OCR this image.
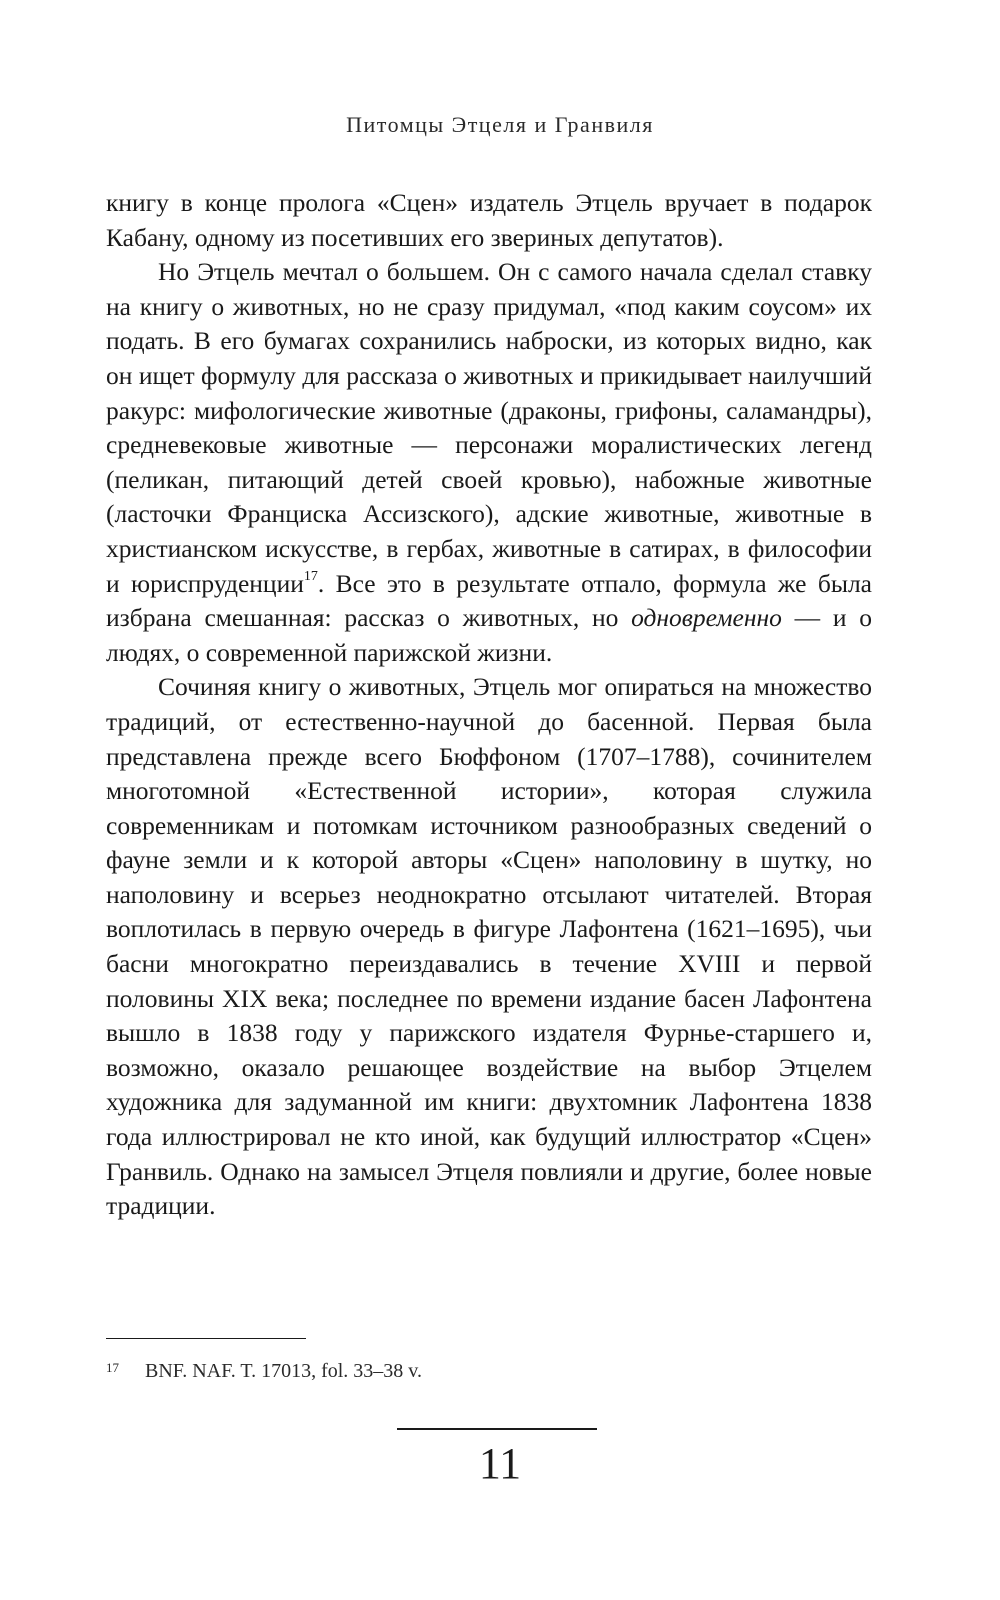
Питомцы Этцеля и Гранвиля

книгу в конце пролога «Сцен» издатель Этцель вручает в подарок Кабану, одному из посетивших его звериных депутатов).

Но Этцель мечтал о большем. Он с самого начала сделал ставку на книгу о животных, но не сразу придумал, «под каким соусом» их подать. В его бумагах сохранились наброски, из которых видно, как он ищет формулу для рассказа о животных и прикидывает наилучший ракурс: мифологические животные (драконы, грифоны, саламандры), средневековые животные — персонажи моралистических легенд (пеликан, питающий детей своей кровью), набожные животные (ласточки Франциска Ассизского), адские животные, животные в христианском искусстве, в гербах, животные в сатирах, в философии и юриспруденции$^{17}$. Все это в результате отпало, формула же была избрана смешанная: рассказ о животных, но одновременно — и о людях, о современной парижской жизни.

Сочиняя книгу о животных, Этцель мог опираться на множество традиций, от естественно-научной до басенной. Первая была представлена прежде всего Бюффоном (1707–1788), сочинителем многотомной «Естественной истории», которая служила современникам и потомкам источником разнообразных сведений о фауне земли и к которой авторы «Сцен» наполовину в шутку, но наполовину и всерьез неоднократно отсылают читателей. Вторая воплотилась в первую очередь в фигуре Лафонтена (1621–1695), чьи басни многократно переиздавались в течение XVIII и первой половины XIX века; последнее по времени издание басен Лафонтена вышло в 1838 году у парижского издателя Фурнье-старшего и, возможно, оказало решающее воздействие на выбор Этцелем художника для задуманной им книги: двухтомник Лафонтена 1838 года иллюстрировал не кто иной, как будущий иллюстратор «Сцен» Гранвиль. Однако на замысел Этцеля повлияли и другие, более новые традиции.

$^{17}$ BNF. NAF. T. 17013, fol. 33–38 v.
11
